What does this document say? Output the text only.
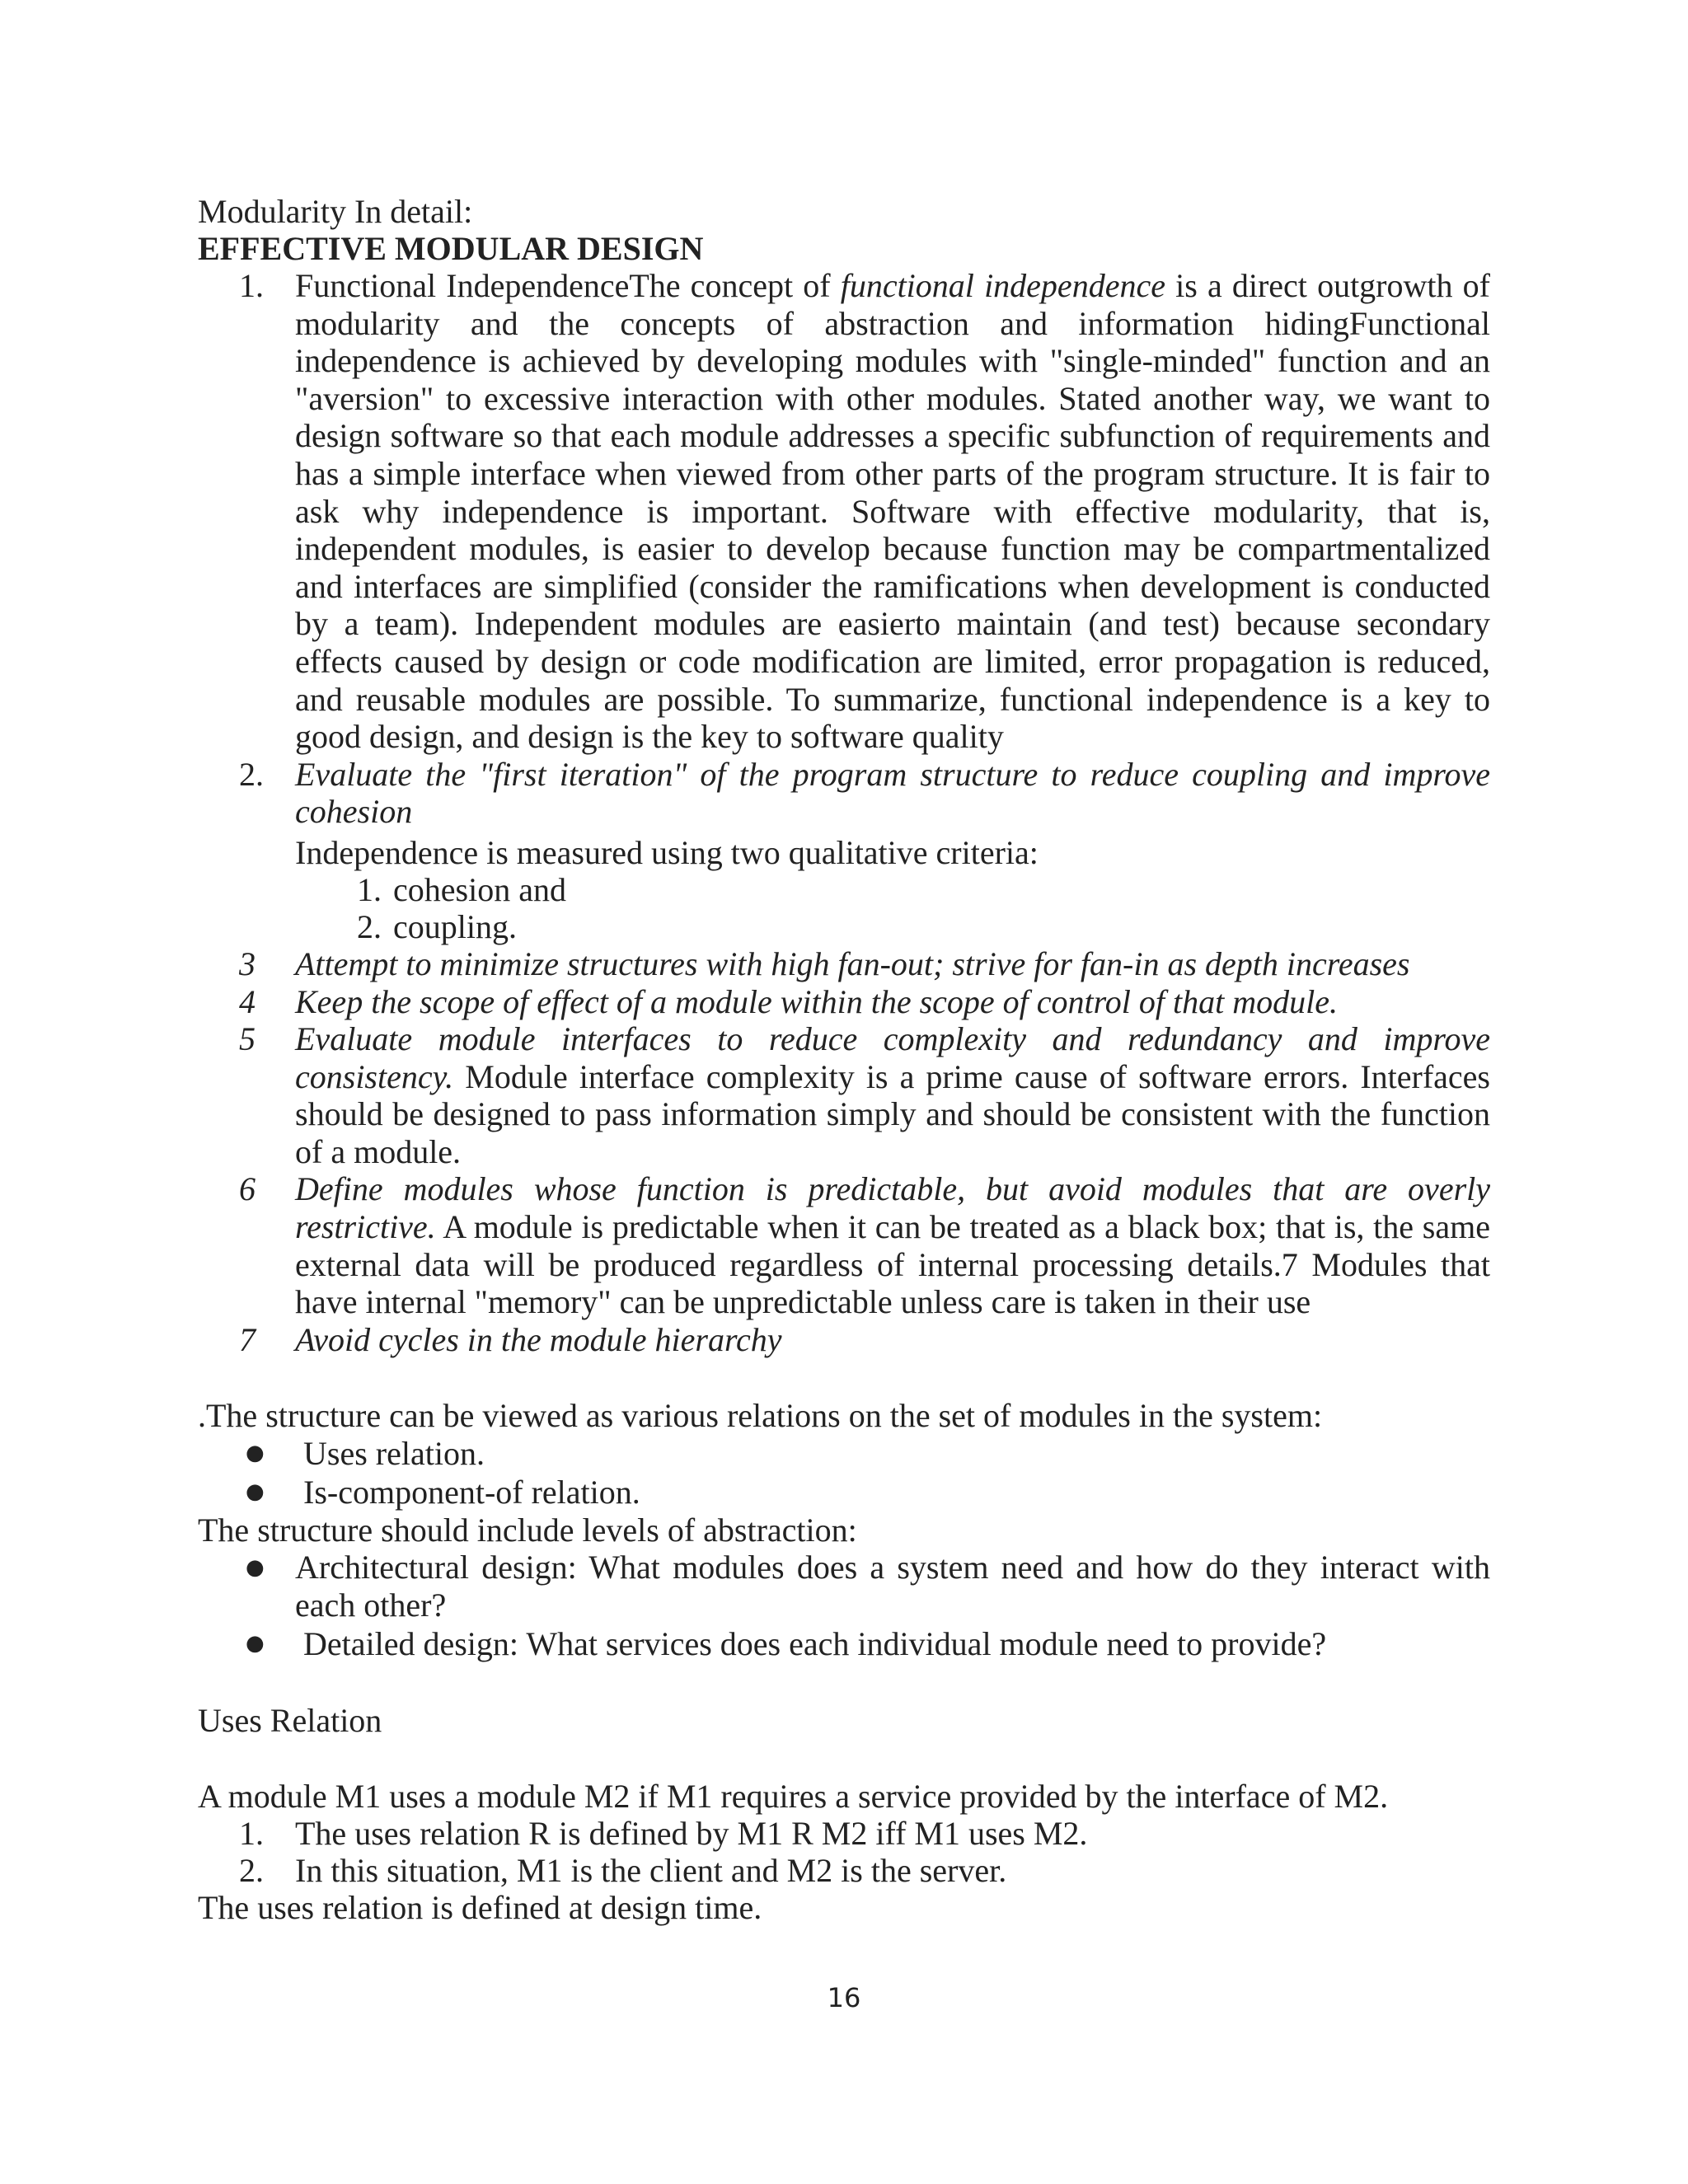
Modularity In detail:
EFFECTIVE MODULAR DESIGN
1. Functional IndependenceThe concept of functional independence is a direct outgrowth of modularity and the concepts of abstraction and information hidingFunctional independence is achieved by developing modules with "single-minded" function and an "aversion" to excessive interaction with other modules. Stated another way, we want to design software so that each module addresses a specific subfunction of requirements and has a simple interface when viewed from other parts of the program structure. It is fair to ask why independence is important. Software with effective modularity, that is, independent modules, is easier to develop because function may be compartmentalized and interfaces are simplified (consider the ramifications when development is conducted by a team). Independent modules are easierto maintain (and test) because secondary effects caused by design or code modification are limited, error propagation is reduced, and reusable modules are possible. To summarize, functional independence is a key to good design, and design is the key to software quality
2. Evaluate the "first iteration" of the program structure to reduce coupling and improve cohesion
Independence is measured using two qualitative criteria:
1. cohesion and
2. coupling.
3 Attempt to minimize structures with high fan-out; strive for fan-in as depth increases
4 Keep the scope of effect of a module within the scope of control of that module.
5 Evaluate module interfaces to reduce complexity and redundancy and improve consistency. Module interface complexity is a prime cause of software errors. Interfaces should be designed to pass information simply and should be consistent with the function of a module.
6 Define modules whose function is predictable, but avoid modules that are overly restrictive. A module is predictable when it can be treated as a black box; that is, the same external data will be produced regardless of internal processing details.7 Modules that have internal "memory" can be unpredictable unless care is taken in their use
7 Avoid cycles in the module hierarchy
.The structure can be viewed as various relations on the set of modules in the system:
● Uses relation.
● Is-component-of relation.
The structure should include levels of abstraction:
● Architectural design: What modules does a system need and how do they interact with each other?
● Detailed design: What services does each individual module need to provide?
Uses Relation
A module M1 uses a module M2 if M1 requires a service provided by the interface of M2.
1. The uses relation R is defined by M1 R M2 iff M1 uses M2.
2. In this situation, M1 is the client and M2 is the server.
The uses relation is defined at design time.
16
